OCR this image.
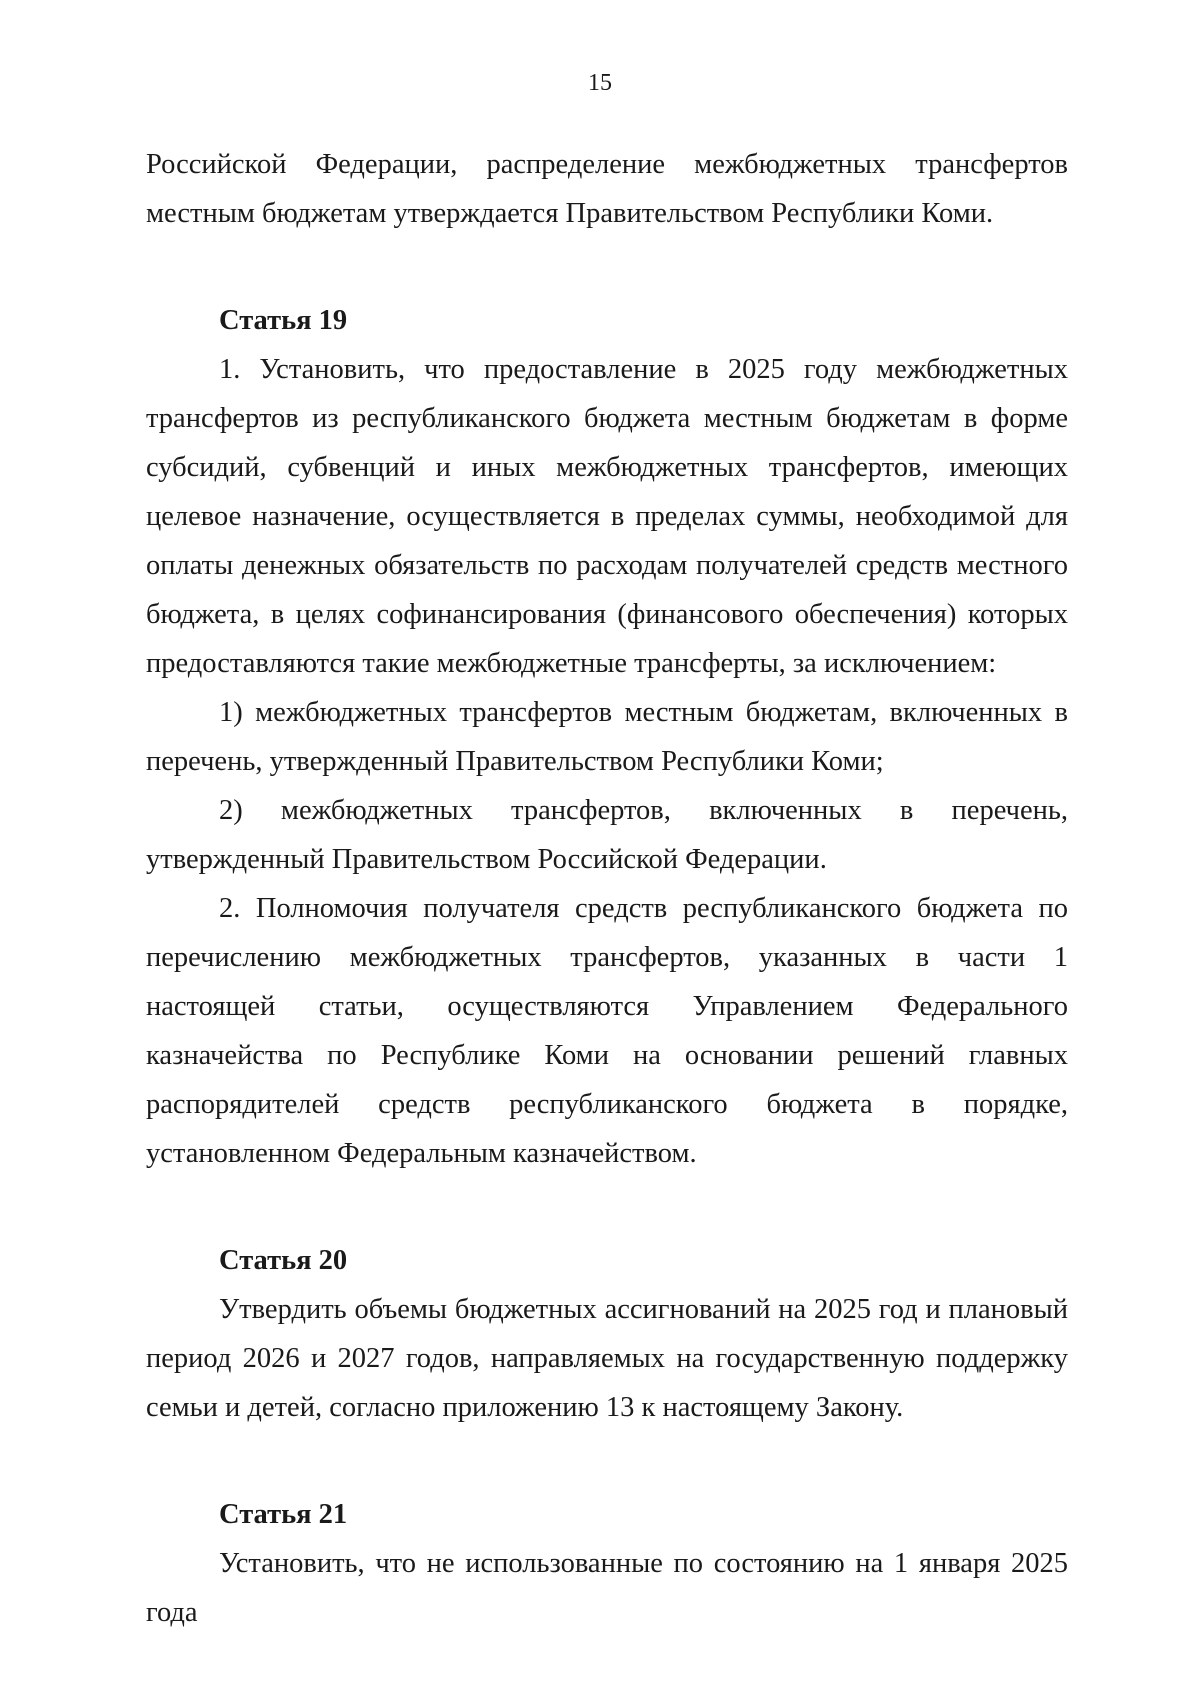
15

Российской Федерации, распределение межбюджетных трансфертов местным бюджетам утверждается Правительством Республики Коми.

Статья 19

1. Установить, что предоставление в 2025 году межбюджетных трансфертов из республиканского бюджета местным бюджетам в форме субсидий, субвенций и иных межбюджетных трансфертов, имеющих целевое назначение, осуществляется в пределах суммы, необходимой для оплаты денежных обязательств по расходам получателей средств местного бюджета, в целях софинансирования (финансового обеспечения) которых предоставляются такие межбюджетные трансферты, за исключением:

1) межбюджетных трансфертов местным бюджетам, включенных в перечень, утвержденный Правительством Республики Коми;

2) межбюджетных трансфертов, включенных в перечень, утвержденный Правительством Российской Федерации.

2. Полномочия получателя средств республиканского бюджета по перечислению межбюджетных трансфертов, указанных в части 1 настоящей статьи, осуществляются Управлением Федерального казначейства по Республике Коми на основании решений главных распорядителей средств республиканского бюджета в порядке, установленном Федеральным казначейством.

Статья 20

Утвердить объемы бюджетных ассигнований на 2025 год и плановый период 2026 и 2027 годов, направляемых на государственную поддержку семьи и детей, согласно приложению 13 к настоящему Закону.

Статья 21

Установить, что не использованные по состоянию на 1 января 2025 года
